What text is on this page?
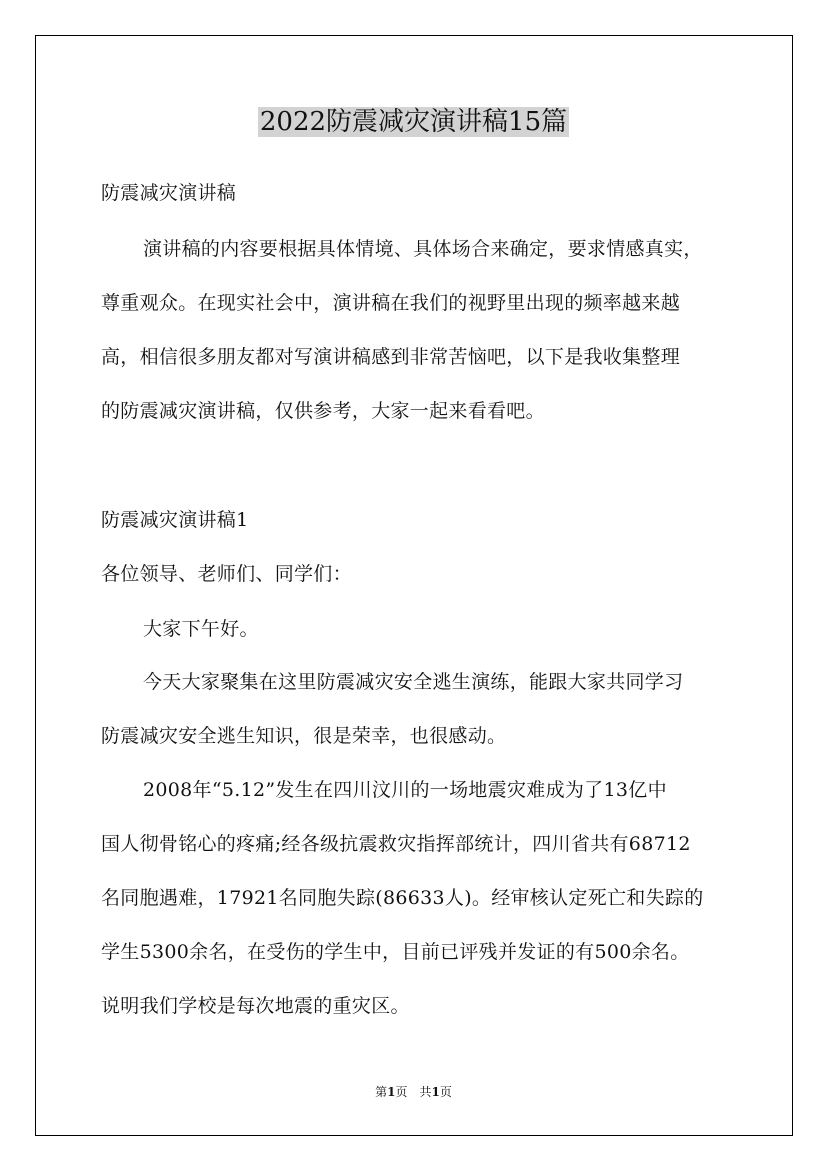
2022防震减灾演讲稿15篇
防震减灾演讲稿
演讲稿的内容要根据具体情境、具体场合来确定，要求情感真实，
尊重观众。在现实社会中，演讲稿在我们的视野里出现的频率越来越
高，相信很多朋友都对写演讲稿感到非常苦恼吧，以下是我收集整理
的防震减灾演讲稿，仅供参考，大家一起来看看吧。
防震减灾演讲稿1
各位领导、老师们、同学们：
大家下午好。
今天大家聚集在这里防震减灾安全逃生演练，能跟大家共同学习
防震减灾安全逃生知识，很是荣幸，也很感动。
2008年“5.12”发生在四川汶川的一场地震灾难成为了13亿中
国人彻骨铭心的疼痛;经各级抗震救灾指挥部统计，四川省共有68712
名同胞遇难，17921名同胞失踪(86633人)。经审核认定死亡和失踪的
学生5300余名，在受伤的学生中，目前已评残并发证的有500余名。
说明我们学校是每次地震的重灾区。
第1页　共1页
